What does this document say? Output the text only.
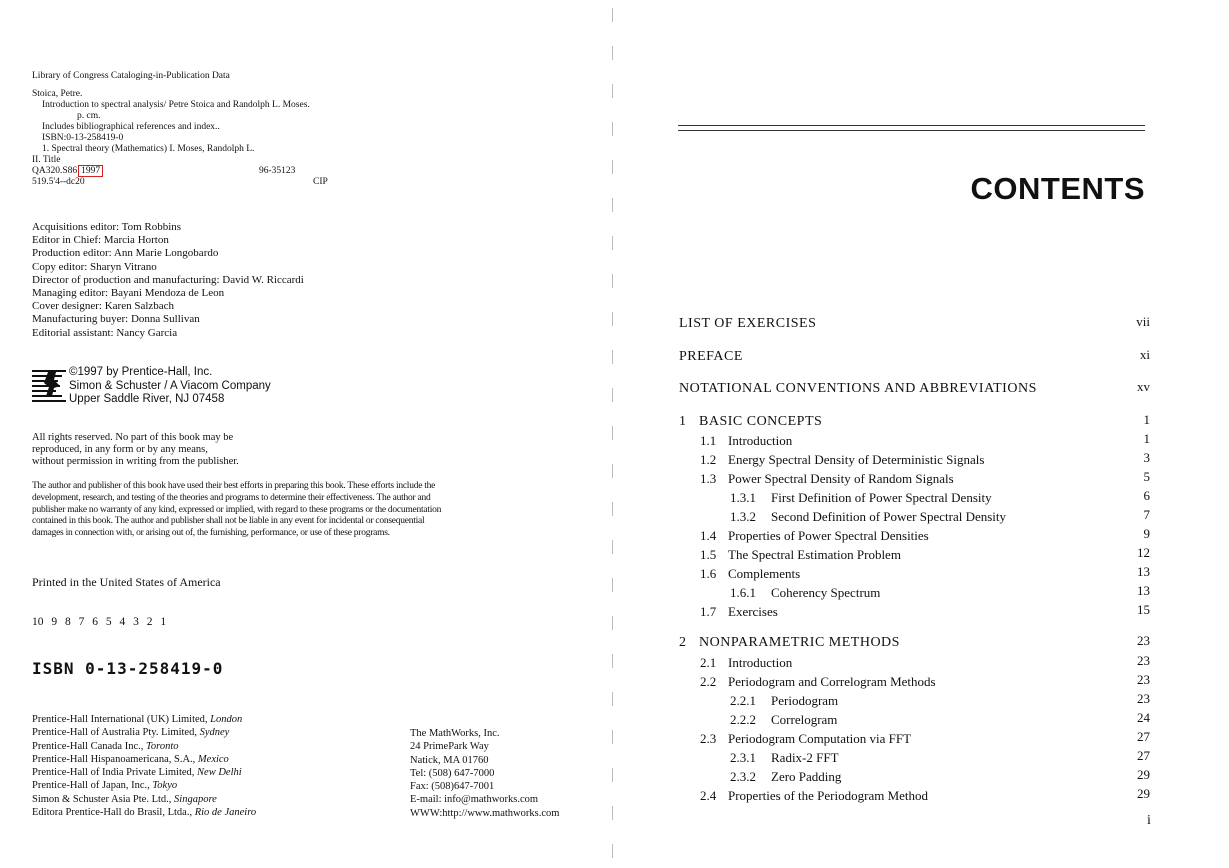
Library of Congress Cataloging-in-Publication Data
Stoica, Petre.
Introduction to spectral analysis/ Petre Stoica and Randolph L. Moses.
p. cm.
Includes bibliographical references and index..
ISBN:0-13-258419-0
1. Spectral theory (Mathematics) I. Moses, Randolph L.
II. Title
QA320.S86 1997
519.5'4--dc20
96-35123
CIP
Acquisitions editor: Tom Robbins
Editor in Chief: Marcia Horton
Production editor: Ann Marie Longobardo
Copy editor: Sharyn Vitrano
Director of production and manufacturing: David W. Riccardi
Managing editor: Bayani Mendoza de Leon
Cover designer: Karen Salzbach
Manufacturing buyer: Donna Sullivan
Editorial assistant: Nancy Garcia
©1997 by Prentice-Hall, Inc.
Simon & Schuster / A Viacom Company
Upper Saddle River, NJ 07458
All rights reserved. No part of this book may be
reproduced, in any form or by any means,
without permission in writing from the publisher.
The author and publisher of this book have used their best efforts in preparing this book. These efforts include the
development, research, and testing of the theories and programs to determine their effectiveness. The author and
publisher make no warranty of any kind, expressed or implied, with regard to these programs or the documentation
contained in this book. The author and publisher shall not be liable in any event for incidental or consequential
damages in connection with, or arising out of, the furnishing, performance, or use of these programs.
Printed in the United States of America
10 9 8 7 6 5 4 3 2 1
ISBN 0-13-258419-0
Prentice-Hall International (UK) Limited, London
Prentice-Hall of Australia Pty. Limited, Sydney
Prentice-Hall Canada Inc., Toronto
Prentice-Hall Hispanoamericana, S.A., Mexico
Prentice-Hall of India Private Limited, New Delhi
Prentice-Hall of Japan, Inc., Tokyo
Simon & Schuster Asia Pte. Ltd., Singapore
Editora Prentice-Hall do Brasil, Ltda., Rio de Janeiro
The MathWorks, Inc.
24 PrimePark Way
Natick, MA 01760
Tel: (508) 647-7000
Fax: (508)647-7001
E-mail: info@mathworks.com
WWW:http://www.mathworks.com
CONTENTS
LIST OF EXERCISES	vii
PREFACE	xi
NOTATIONAL CONVENTIONS AND ABBREVIATIONS	xv
1 BASIC CONCEPTS	1
1.1 Introduction	1
1.2 Energy Spectral Density of Deterministic Signals	3
1.3 Power Spectral Density of Random Signals	5
1.3.1 First Definition of Power Spectral Density	6
1.3.2 Second Definition of Power Spectral Density	7
1.4 Properties of Power Spectral Densities	9
1.5 The Spectral Estimation Problem	12
1.6 Complements	13
1.6.1 Coherency Spectrum	13
1.7 Exercises	15
2 NONPARAMETRIC METHODS	23
2.1 Introduction	23
2.2 Periodogram and Correlogram Methods	23
2.2.1 Periodogram	23
2.2.2 Correlogram	24
2.3 Periodogram Computation via FFT	27
2.3.1 Radix-2 FFT	27
2.3.2 Zero Padding	29
2.4 Properties of the Periodogram Method	29
i
